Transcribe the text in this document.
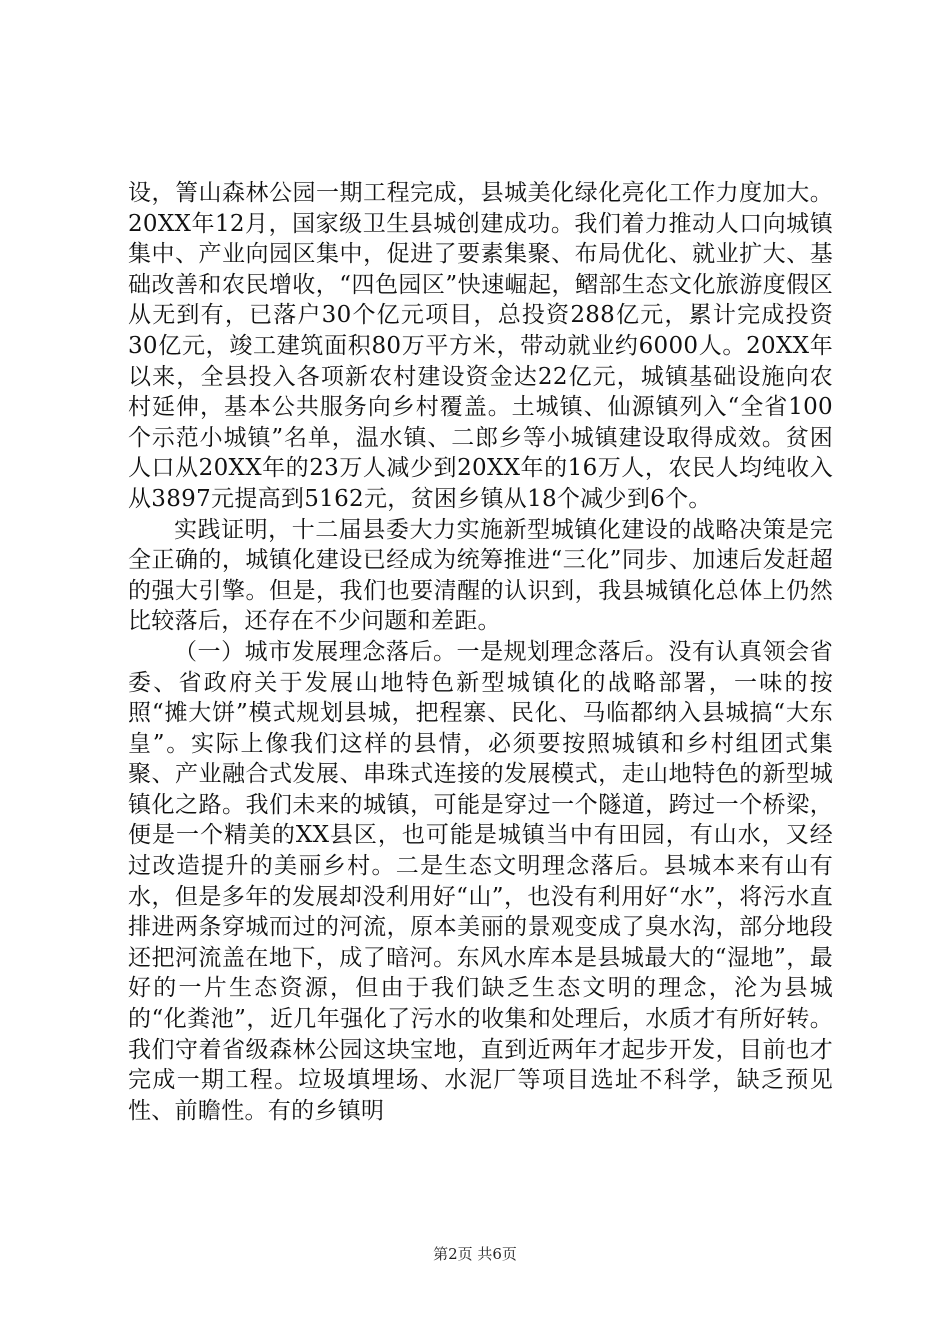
设，箐山森林公园一期工程完成，县城美化绿化亮化工作力度加大。20XX年12月，国家级卫生县城创建成功。我们着力推动人口向城镇集中、产业向园区集中，促进了要素集聚、布局优化、就业扩大、基础改善和农民增收，“四色园区”快速崛起，鳛部生态文化旅游度假区从无到有，已落户30个亿元项目，总投资288亿元，累计完成投资30亿元，竣工建筑面积80万平方米，带动就业约6000人。20XX年以来，全县投入各项新农村建设资金达22亿元，城镇基础设施向农村延伸，基本公共服务向乡村覆盖。土城镇、仙源镇列入“全省100个示范小城镇”名单，温水镇、二郎乡等小城镇建设取得成效。贫困人口从20XX年的23万人减少到20XX年的16万人，农民人均纯收入从3897元提高到5162元，贫困乡镇从18个减少到6个。

实践证明，十二届县委大力实施新型城镇化建设的战略决策是完全正确的，城镇化建设已经成为统筹推进“三化”同步、加速后发赶超的强大引擎。但是，我们也要清醒的认识到，我县城镇化总体上仍然比较落后，还存在不少问题和差距。

（一）城市发展理念落后。一是规划理念落后。没有认真领会省委、省政府关于发展山地特色新型城镇化的战略部署，一味的按照“摊大饼”模式规划县城，把程寨、民化、马临都纳入县城搞“大东皇”。实际上像我们这样的县情，必须要按照城镇和乡村组团式集聚、产业融合式发展、串珠式连接的发展模式，走山地特色的新型城镇化之路。我们未来的城镇，可能是穿过一个隧道，跨过一个桥梁，便是一个精美的XX县区，也可能是城镇当中有田园，有山水，又经过改造提升的美丽乡村。二是生态文明理念落后。县城本来有山有水，但是多年的发展却没利用好“山”，也没有利用好“水”，将污水直排进两条穿城而过的河流，原本美丽的景观变成了臭水沟，部分地段还把河流盖在地下，成了暗河。东风水库本是县城最大的“湿地”，最好的一片生态资源，但由于我们缺乏生态文明的理念，沦为县城的“化粪池”，近几年强化了污水的收集和处理后，水质才有所好转。我们守着省级森林公园这块宝地，直到近两年才起步开发，目前也才完成一期工程。垃圾填埋场、水泥厂等项目选址不科学，缺乏预见性、前瞻性。有的乡镇明

第2页 共6页
